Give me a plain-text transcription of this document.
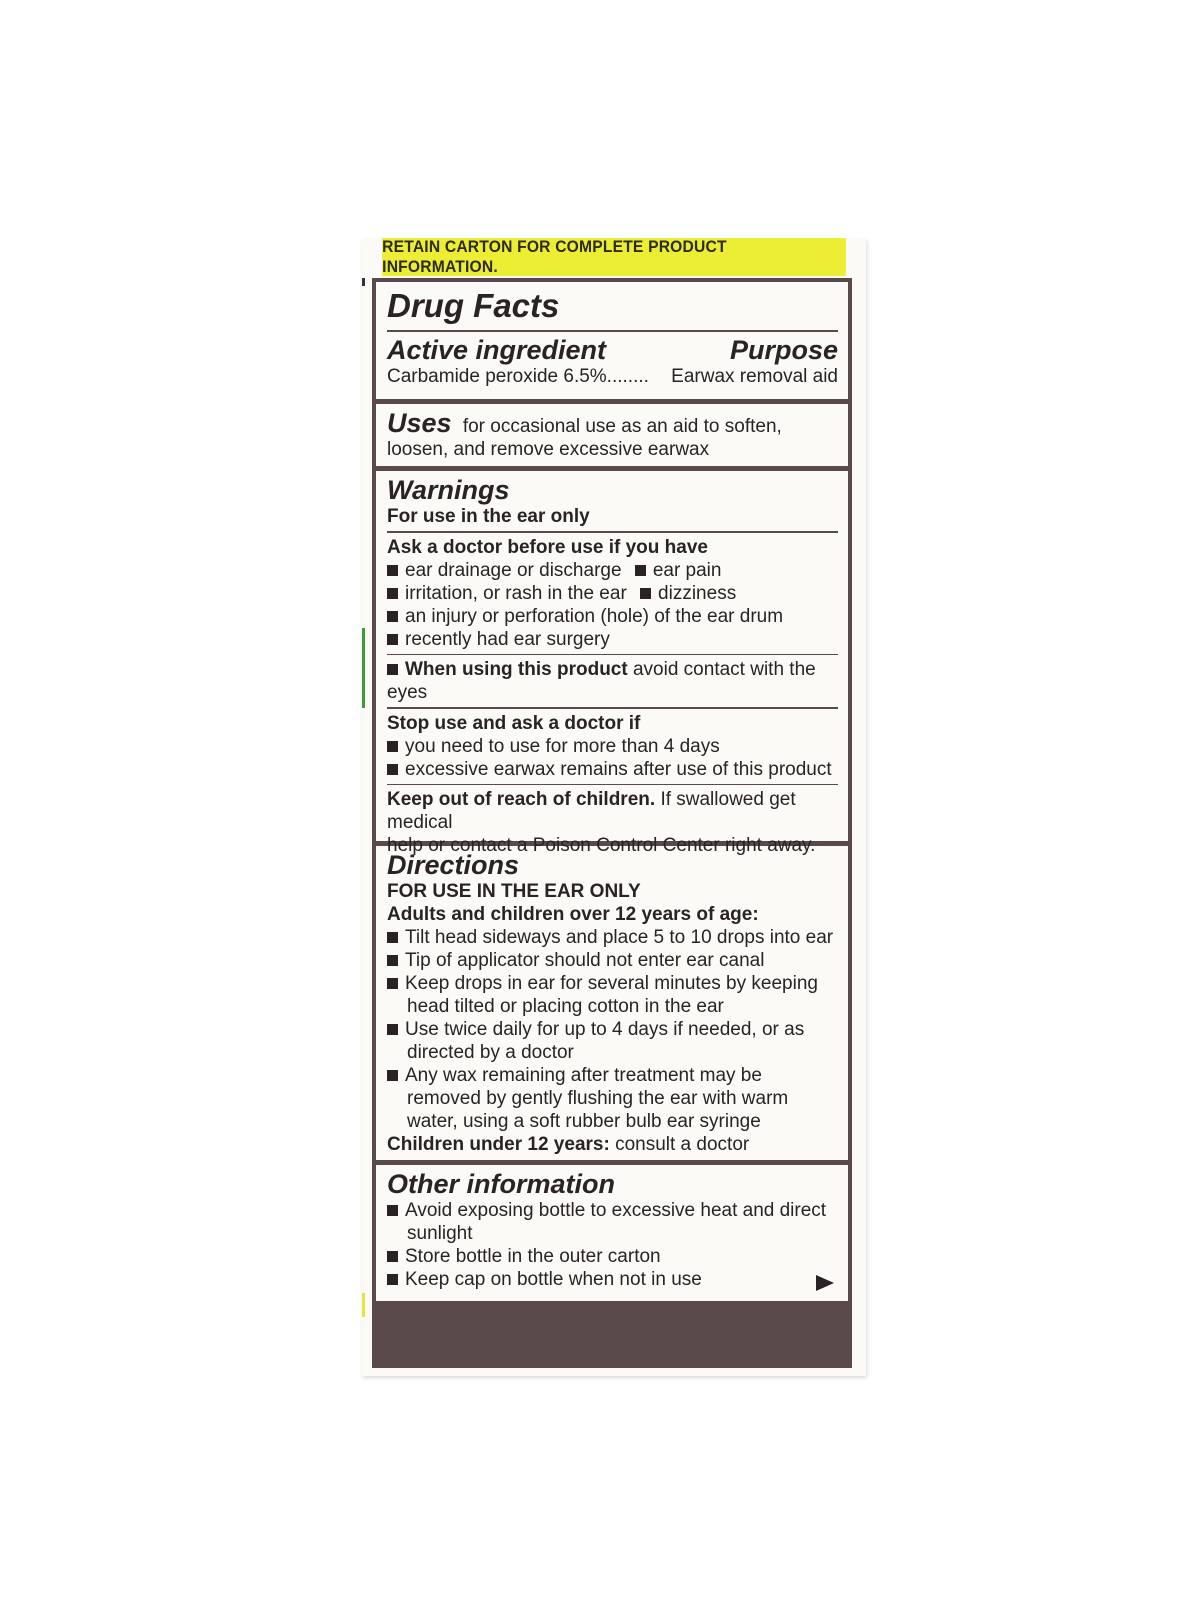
RETAIN CARTON FOR COMPLETE PRODUCT INFORMATION.
Drug Facts
Active ingredient	Purpose
Carbamide peroxide 6.5%........ Earwax removal aid
Uses for occasional use as an aid to soften,
loosen, and remove excessive earwax
Warnings
For use in the ear only
Ask a doctor before use if you have
ear drainage or discharge ear pain
irritation, or rash in the ear dizziness
an injury or perforation (hole) of the ear drum
recently had ear surgery
When using this product avoid contact with the eyes
Stop use and ask a doctor if
you need to use for more than 4 days
excessive earwax remains after use of this product
Keep out of reach of children. If swallowed get medical
help or contact a Poison Control Center right away.
Directions
FOR USE IN THE EAR ONLY
Adults and children over 12 years of age:
Tilt head sideways and place 5 to 10 drops into ear
Tip of applicator should not enter ear canal
Keep drops in ear for several minutes by keeping head tilted or placing cotton in the ear
Use twice daily for up to 4 days if needed, or as directed by a doctor
Any wax remaining after treatment may be removed by gently flushing the ear with warm water, using a soft rubber bulb ear syringe
Children under 12 years: consult a doctor
Other information
Avoid exposing bottle to excessive heat and direct sunlight
Store bottle in the outer carton
Keep cap on bottle when not in use
